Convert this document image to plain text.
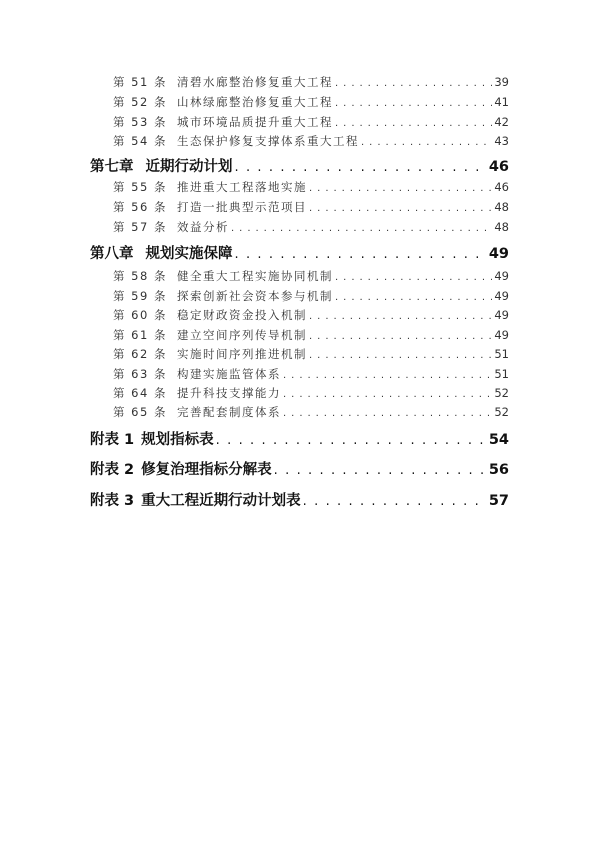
第 51 条 清碧水廊整治修复重大工程 . . .	39
第 52 条 山林绿廊整治修复重大工程 . . .	41
第 53 条 城市环境品质提升重大工程 . . .	42
第 54 条 生态保护修复支撑体系重大工程 . . .	43
第七章 近期行动计划 . . .	46
第 55 条 推进重大工程落地实施 . . .	46
第 56 条 打造一批典型示范项目 . . .	48
第 57 条 效益分析 . . .	48
第八章 规划实施保障 . . .	49
第 58 条 健全重大工程实施协同机制 . . .	49
第 59 条 探索创新社会资本参与机制 . . .	49
第 60 条 稳定财政资金投入机制 . . .	49
第 61 条 建立空间序列传导机制 . . .	49
第 62 条 实施时间序列推进机制 . . .	51
第 63 条 构建实施监管体系 . . .	51
第 64 条 提升科技支撑能力 . . .	52
第 65 条 完善配套制度体系 . . .	52
附表 1 规划指标表 . . .	54
附表 2 修复治理指标分解表 . . .	56
附表 3 重大工程近期行动计划表 . . .	57
